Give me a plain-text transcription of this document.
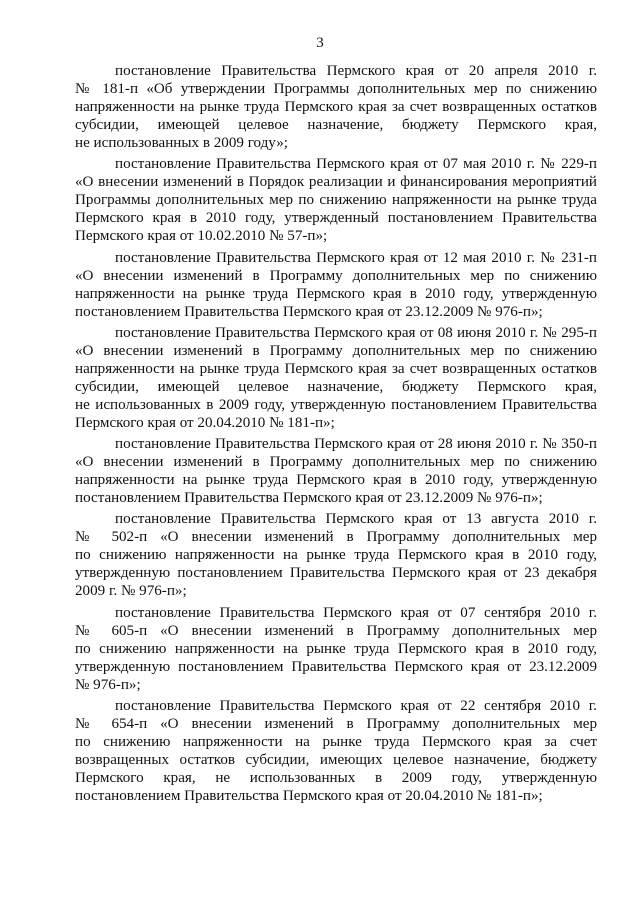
3
постановление Правительства Пермского края от 20 апреля 2010 г.
№ 181-п «Об утверждении Программы дополнительных мер по снижению
напряженности на рынке труда Пермского края за счет возвращенных остатков
субсидии, имеющей целевое назначение, бюджету Пермского края,
не использованных в 2009 году»;
постановление Правительства Пермского края от 07 мая 2010 г. № 229-п
«О внесении изменений в Порядок реализации и финансирования мероприятий
Программы дополнительных мер по снижению напряженности на рынке труда
Пермского края в 2010 году, утвержденный постановлением Правительства
Пермского края от 10.02.2010 № 57-п»;
постановление Правительства Пермского края от 12 мая 2010 г. № 231-п
«О внесении изменений в Программу дополнительных мер по снижению
напряженности на рынке труда Пермского края в 2010 году, утвержденную
постановлением Правительства Пермского края от 23.12.2009 № 976-п»;
постановление Правительства Пермского края от 08 июня 2010 г. № 295-п
«О внесении изменений в Программу дополнительных мер по снижению
напряженности на рынке труда Пермского края за счет возвращенных остатков
субсидии, имеющей целевое назначение, бюджету Пермского края,
не использованных в 2009 году, утвержденную постановлением Правительства
Пермского края от 20.04.2010 № 181-п»;
постановление Правительства Пермского края от 28 июня 2010 г. № 350-п
«О внесении изменений в Программу дополнительных мер по снижению
напряженности на рынке труда Пермского края в 2010 году, утвержденную
постановлением Правительства Пермского края от 23.12.2009 № 976-п»;
постановление Правительства Пермского края от 13 августа 2010 г.
№ 502-п «О внесении изменений в Программу дополнительных мер
по снижению напряженности на рынке труда Пермского края в 2010 году,
утвержденную постановлением Правительства Пермского края от 23 декабря
2009 г. № 976-п»;
постановление Правительства Пермского края от 07 сентября 2010 г.
№ 605-п «О внесении изменений в Программу дополнительных мер
по снижению напряженности на рынке труда Пермского края в 2010 году,
утвержденную постановлением Правительства Пермского края от 23.12.2009
№ 976-п»;
постановление Правительства Пермского края от 22 сентября 2010 г.
№ 654-п «О внесении изменений в Программу дополнительных мер
по снижению напряженности на рынке труда Пермского края за счет
возвращенных остатков субсидии, имеющих целевое назначение, бюджету
Пермского края, не использованных в 2009 году, утвержденную
постановлением Правительства Пермского края от 20.04.2010 № 181-п»;
